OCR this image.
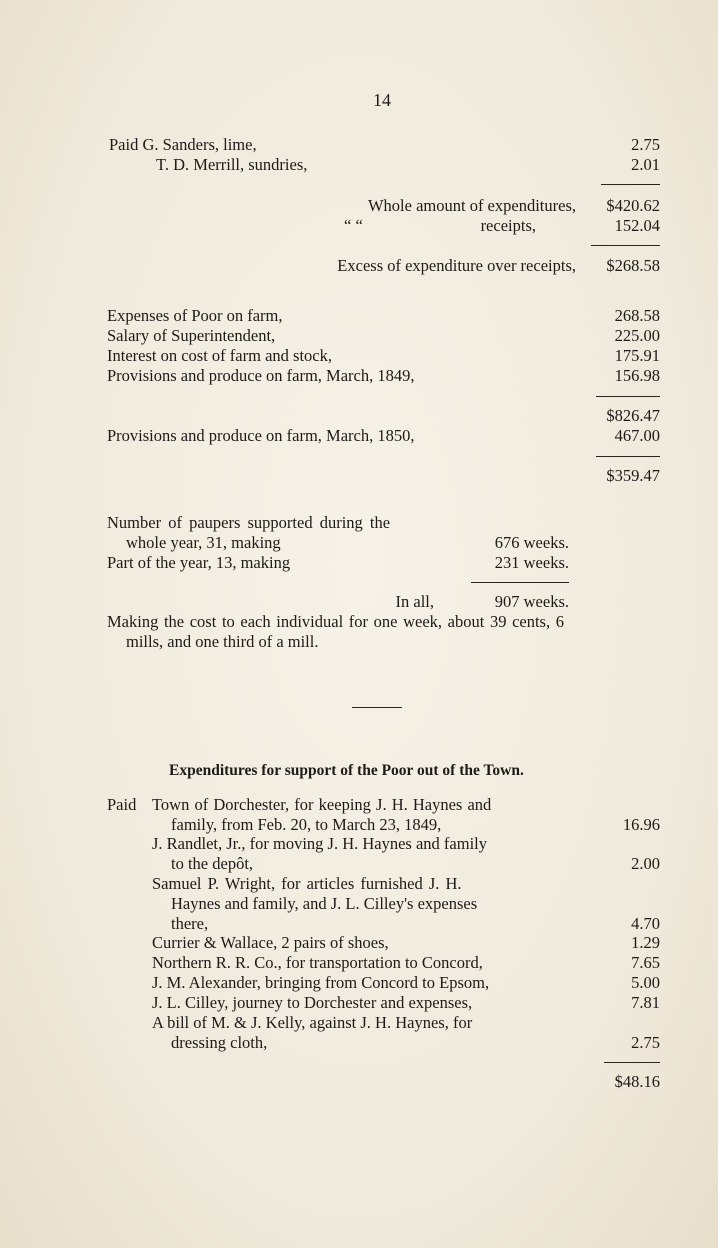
14
Paid G. Sanders, lime,	2.75
T. D. Merrill, sundries,	2.01
Whole amount of expenditures, $420.62
“ “	receipts,	152.04
Excess of expenditure over receipts, $268.58
Expenses of Poor on farm,	268.58
Salary of Superintendent,	225.00
Interest on cost of farm and stock,	175.91
Provisions and produce on farm, March, 1849,	156.98
$826.47
Provisions and produce on farm, March, 1850,	467.00
$359.47
Number of paupers supported during the
whole year, 31, making	676 weeks.
Part of the year, 13, making	231 weeks.
In all,	907 weeks.
Making the cost to each individual for one week, about 39 cents, 6
mills, and one third of a mill.
Expenditures for support of the Poor out of the Town.
Paid Town of Dorchester, for keeping J. H. Haynes and
family, from Feb. 20, to March 23, 1849,	16.96
J. Randlet, Jr., for moving J. H. Haynes and family
to the depôt,	2.00
Samuel P. Wright, for articles furnished J. H.
Haynes and family, and J. L. Cilley's expenses
there,	4.70
Currier & Wallace, 2 pairs of shoes,	1.29
Northern R. R. Co., for transportation to Concord,	7.65
J. M. Alexander, bringing from Concord to Epsom,	5.00
J. L. Cilley, journey to Dorchester and expenses,	7.81
A bill of M. & J. Kelly, against J. H. Haynes, for
dressing cloth,	2.75
$48.16
